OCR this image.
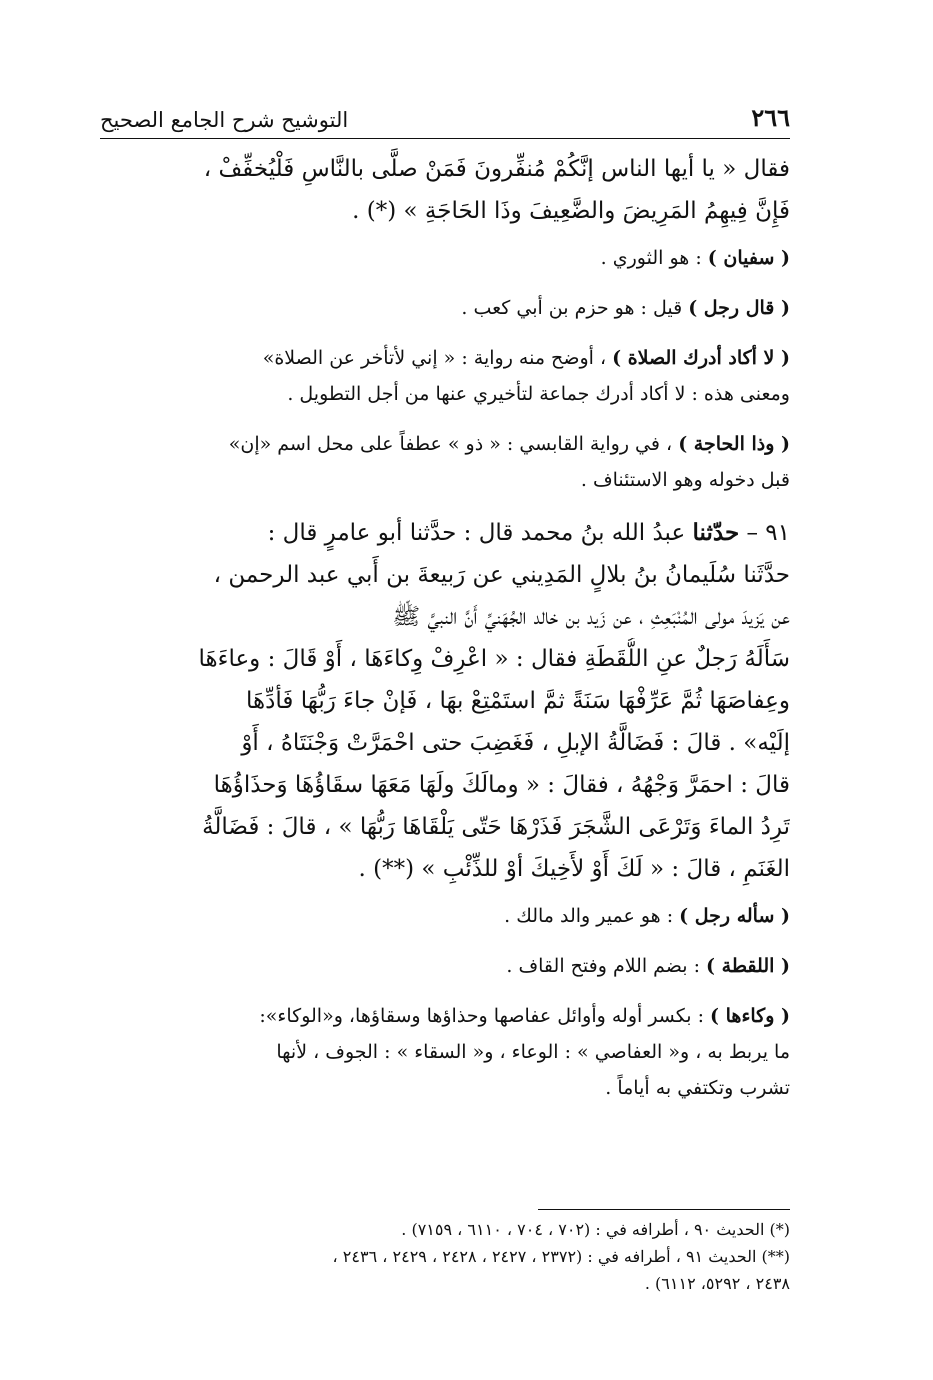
٢٦٦
التوشيح شرح الجامع الصحيح
فقال « يا أيها الناس إنَّكُمْ مُنفِّرونَ فَمَنْ صلَّى بالنَّاسِ فَلْيُخفِّفْ ،
فَإِنَّ فِيهِمُ المَرِيضَ والضَّعِيفَ وذَا الحَاجَةِ » (*) .
( سفيان ) : هو الثوري .
( قال رجل ) قيل : هو حزم بن أبي كعب .
( لا أكاد أدرك الصلاة ) ، أوضح منه رواية : « إني لأتأخر عن الصلاة»
ومعنى هذه : لا أكاد أدرك جماعة لتأخيري عنها من أجل التطويل .
( وذا الحاجة ) ، في رواية القابسي : « ذو » عطفاً على محل اسم «إن»
قبل دخوله وهو الاستئناف .
٩١ – حدّثنا عبدُ الله بنُ محمد قال : حدَّثنا أبو عامرٍ قال :
حدَّثَنا سُلَيمانُ بنُ بلالٍ المَدِيني عن رَبيعةَ بن أَبي عبد الرحمن ،
عن يَزيدَ مولى المُنْبَعِثِ ، عن زَيد بن خالد الجُهَنيِّ أَنَّ النبيَّ ﷺ
سَأَلَهُ رَجلٌ عنِ اللُّقَطَةِ فقال : « اعْرِفْ وِكاءَهَا ، أَوْ قَالَ : وعاءَهَا
وعِفاصَهَا ثُمَّ عَرِّفْهَا سَنَةً ثمَّ استَمْتِعْ بهَا ، فَإنْ جاءَ رَبُّهَا فَأدِّهَا
إلَيْه» . قالَ : فَضَالَّةُ الإبلِ ، فَغَضِبَ حتى احْمَرَّتْ وَجْنَتَاهُ ، أَوْ
قالَ : احمَرَّ وَجْهُهُ ، فقالَ : « ومالَكَ ولَهَا مَعَهَا سقَاؤُهَا وَحذَاؤُهَا
تَرِدُ الماءَ وَتَرْعَى الشَّجَرَ فَذَرْهَا حَتّى يَلْقَاهَا رَبُّهَا » ، قالَ : فَضَالَّةُ
الغَنَمِ ، قالَ : « لَكَ أَوْ لأَخِيكَ أوْ للذِّئْبِ » (**) .
( سأله رجل ) : هو عمير والد مالك .
( اللقطة ) : بضم اللام وفتح القاف .
( وكاءها ) : بكسر أوله وأوائل عفاصها وحذاؤها وسقاؤها، و«الوكاء»:
ما يربط به ، و« العفاصي » : الوعاء ، و« السقاء » : الجوف ، لأنها
تشرب وتكتفي به أياماً .
(*) الحديث ٩٠ ، أطرافه في : (٧٠٢ ، ٧٠٤ ، ٦١١٠ ، ٧١٥٩) .
(**) الحديث ٩١ ، أطرافه في : (٢٣٧٢ ، ٢٤٢٧ ، ٢٤٢٨ ، ٢٤٢٩ ، ٢٤٣٦ ،
٢٤٣٨ ، ٥٢٩٢، ٦١١٢) .
